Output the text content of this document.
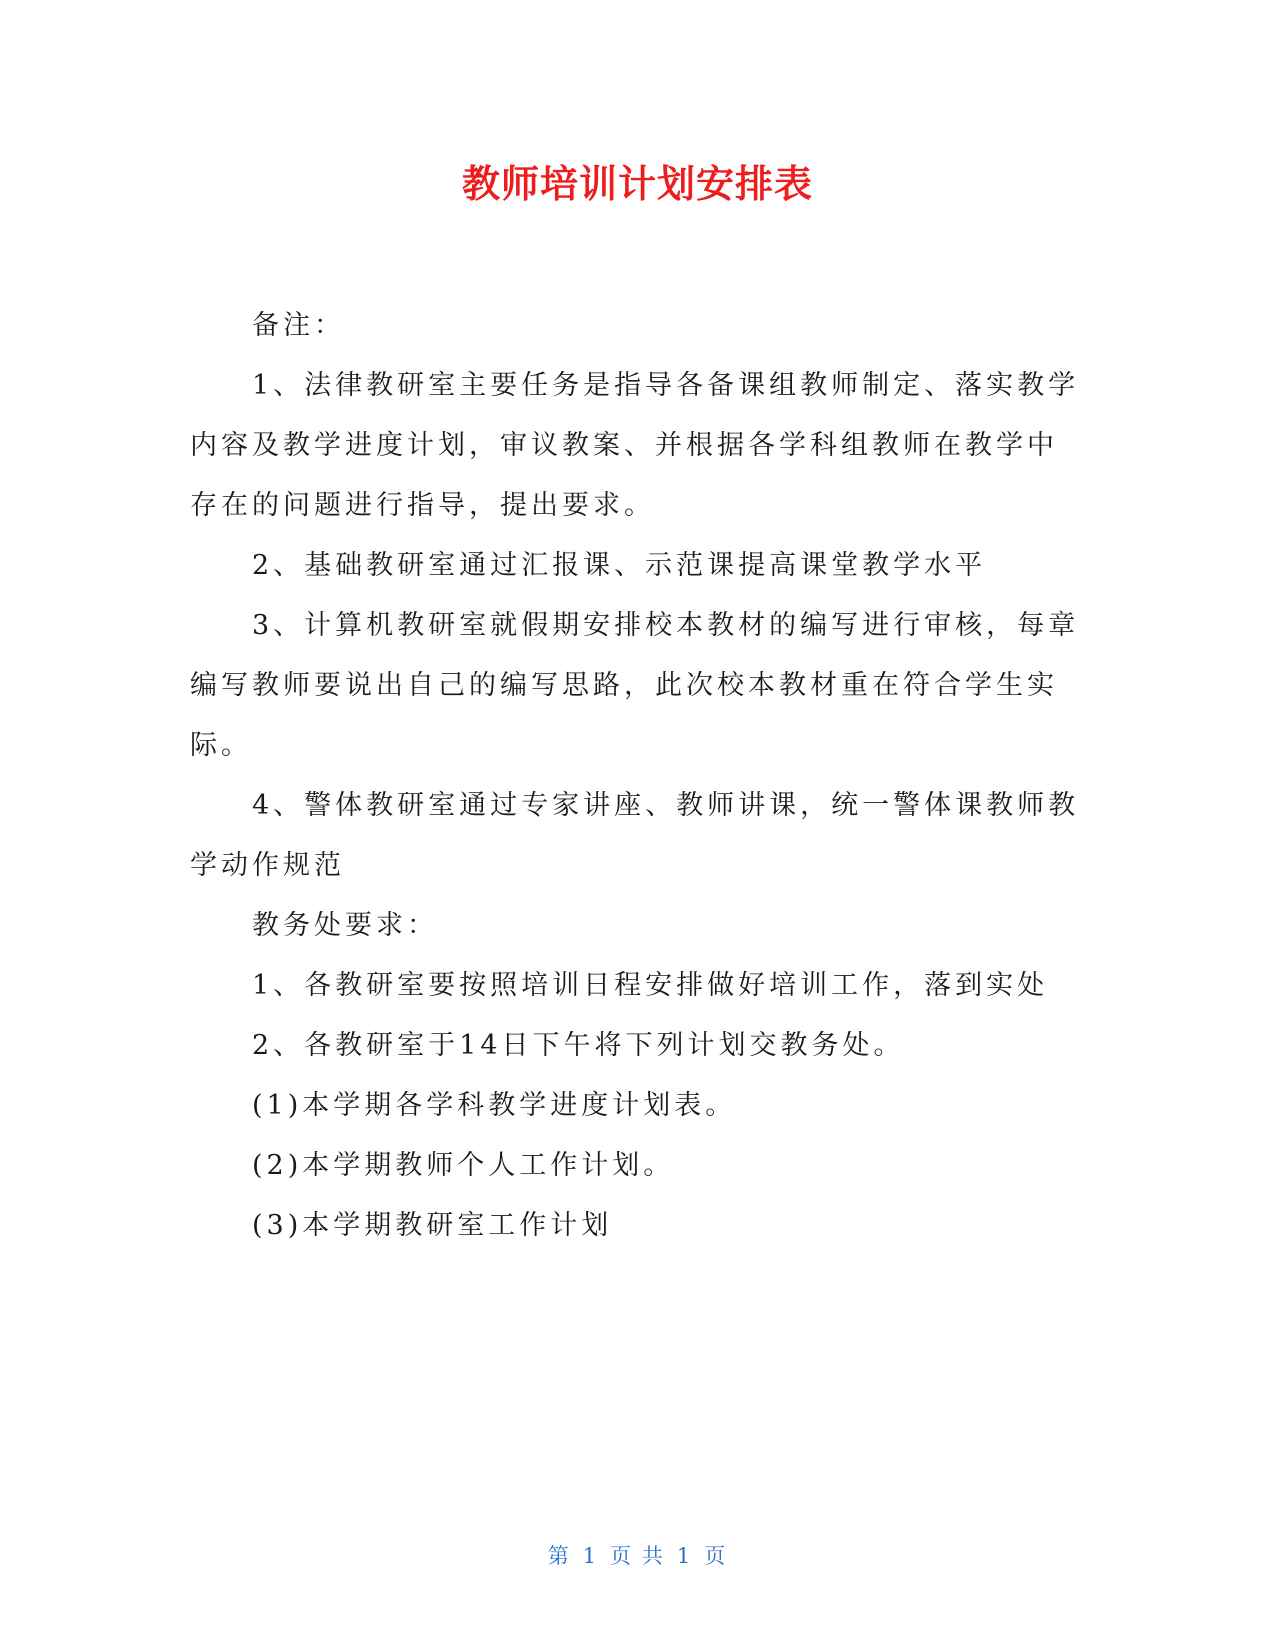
教师培训计划安排表

备注：

1、法律教研室主要任务是指导各备课组教师制定、落实教学内容及教学进度计划，审议教案、并根据各学科组教师在教学中存在的问题进行指导，提出要求。

2、基础教研室通过汇报课、示范课提高课堂教学水平

3、计算机教研室就假期安排校本教材的编写进行审核，每章编写教师要说出自己的编写思路，此次校本教材重在符合学生实际。

4、警体教研室通过专家讲座、教师讲课，统一警体课教师教学动作规范

教务处要求：

1、各教研室要按照培训日程安排做好培训工作，落到实处

2、各教研室于14日下午将下列计划交教务处。

(1)本学期各学科教学进度计划表。

(2)本学期教师个人工作计划。

(3)本学期教研室工作计划

第 1 页 共 1 页
